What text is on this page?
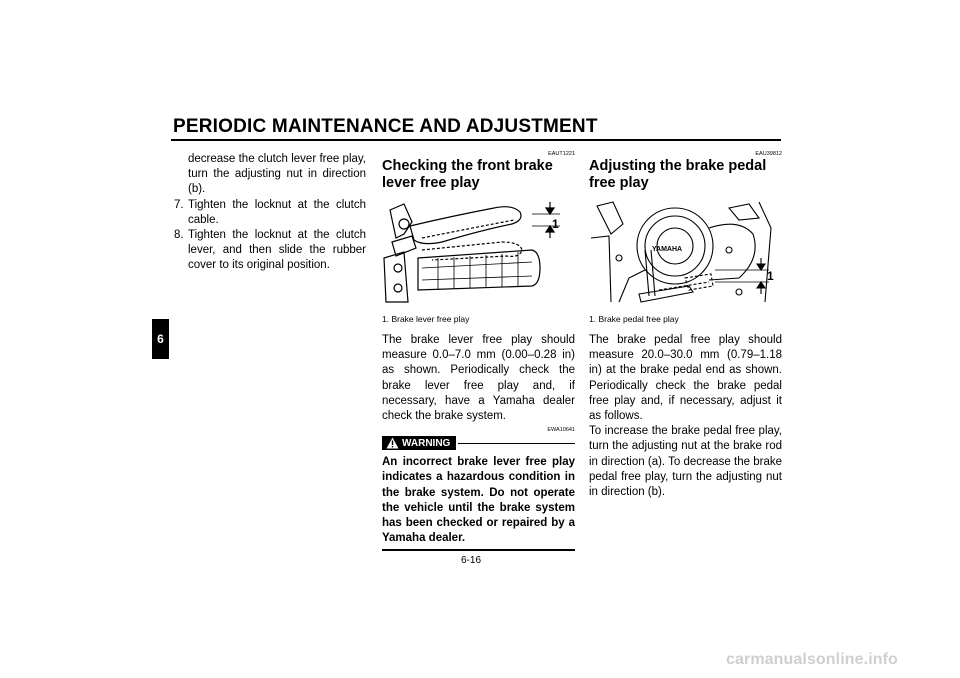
PERIODIC MAINTENANCE AND ADJUSTMENT
6
decrease the clutch lever free play, turn the adjusting nut in direction (b).
7. Tighten the locknut at the clutch cable.
8. Tighten the locknut at the clutch lever, and then slide the rubber cover to its original position.
EAUT1221
Checking the front brake lever free play
1
1. Brake lever free play
The brake lever free play should measure 0.0–7.0 mm (0.00–0.28 in) as shown. Periodically check the brake lever free play and, if necessary, have a Yamaha dealer check the brake system.
EWA10641
WARNING
An incorrect brake lever free play indicates a hazardous condition in the brake system. Do not operate the vehicle until the brake system has been checked or repaired by a Yamaha dealer.
EAU39812
Adjusting the brake pedal free play
YAMAHA
1
1. Brake pedal free play
The brake pedal free play should measure 20.0–30.0 mm (0.79–1.18 in) at the brake pedal end as shown. Periodically check the brake pedal free play and, if necessary, adjust it as follows.
To increase the brake pedal free play, turn the adjusting nut at the brake rod in direction (a). To decrease the brake pedal free play, turn the adjusting nut in direction (b).
6-16
carmanualsonline.info
